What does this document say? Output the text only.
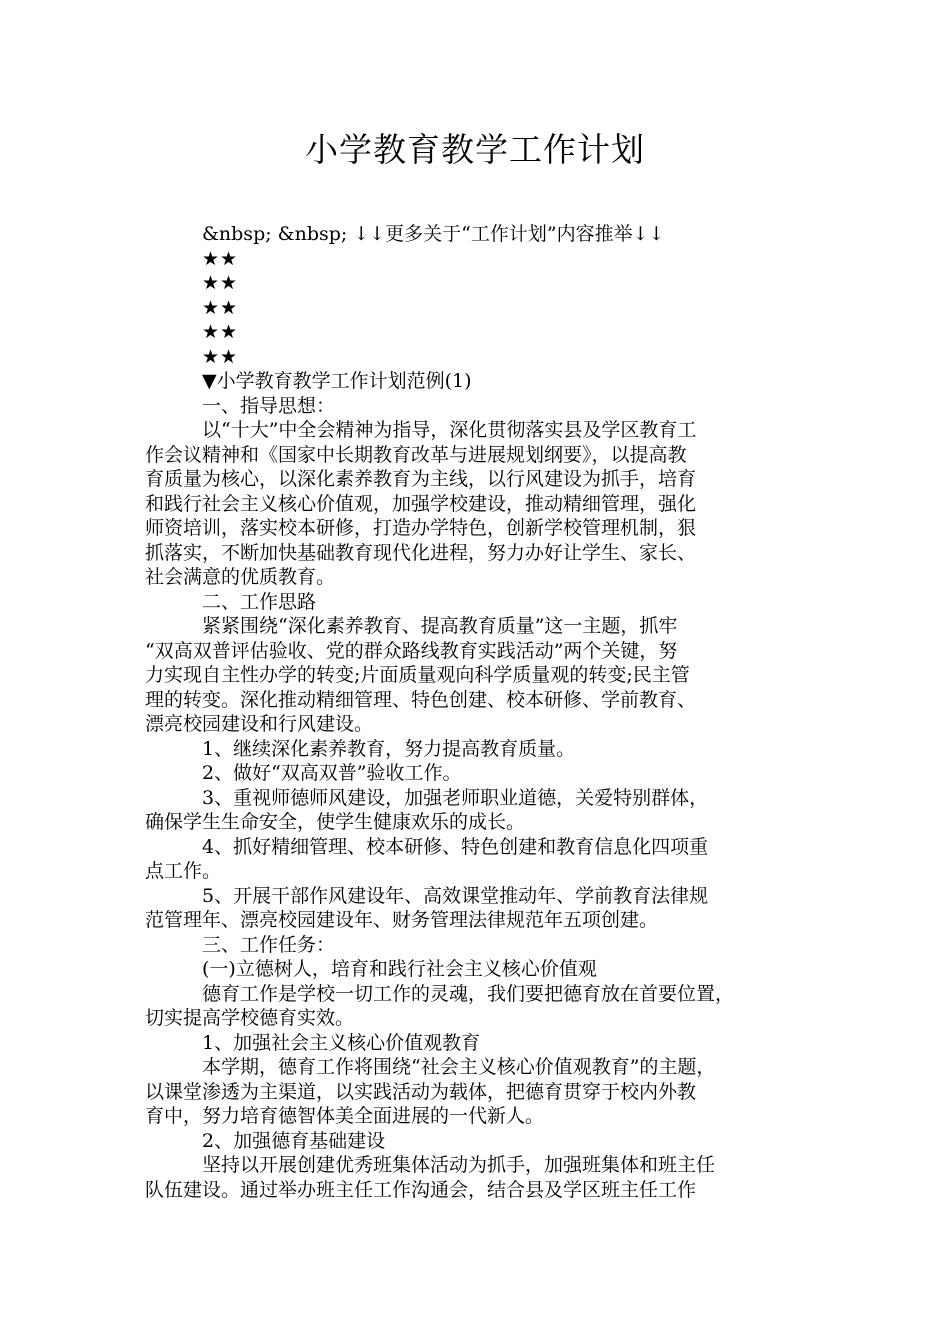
小学教育教学工作计划
&nbsp; &nbsp; ↓↓更多关于“工作计划”内容推举↓↓
★★
★★
★★
★★
★★
▼小学教育教学工作计划范例(1)
一、指导思想：
以“十大”中全会精神为指导，深化贯彻落实县及学区教育工
作会议精神和《国家中长期教育改革与进展规划纲要》，以提高教
育质量为核心，以深化素养教育为主线，以行风建设为抓手，培育
和践行社会主义核心价值观，加强学校建设，推动精细管理，强化
师资培训，落实校本研修，打造办学特色，创新学校管理机制，狠
抓落实，不断加快基础教育现代化进程，努力办好让学生、家长、
社会满意的优质教育。
二、工作思路
紧紧围绕“深化素养教育、提高教育质量”这一主题，抓牢
“双高双普评估验收、党的群众路线教育实践活动”两个关键，努
力实现自主性办学的转变;片面质量观向科学质量观的转变;民主管
理的转变。深化推动精细管理、特色创建、校本研修、学前教育、
漂亮校园建设和行风建设。
1、继续深化素养教育，努力提高教育质量。
2、做好“双高双普”验收工作。
3、重视师德师风建设，加强老师职业道德，关爱特别群体，
确保学生生命安全，使学生健康欢乐的成长。
4、抓好精细管理、校本研修、特色创建和教育信息化四项重
点工作。
5、开展干部作风建设年、高效课堂推动年、学前教育法律规
范管理年、漂亮校园建设年、财务管理法律规范年五项创建。
三、工作任务：
(一)立德树人，培育和践行社会主义核心价值观
德育工作是学校一切工作的灵魂，我们要把德育放在首要位置，
切实提高学校德育实效。
1、加强社会主义核心价值观教育
本学期，德育工作将围绕“社会主义核心价值观教育”的主题，
以课堂渗透为主渠道，以实践活动为载体，把德育贯穿于校内外教
育中，努力培育德智体美全面进展的一代新人。
2、加强德育基础建设
坚持以开展创建优秀班集体活动为抓手，加强班集体和班主任
队伍建设。通过举办班主任工作沟通会，结合县及学区班主任工作
